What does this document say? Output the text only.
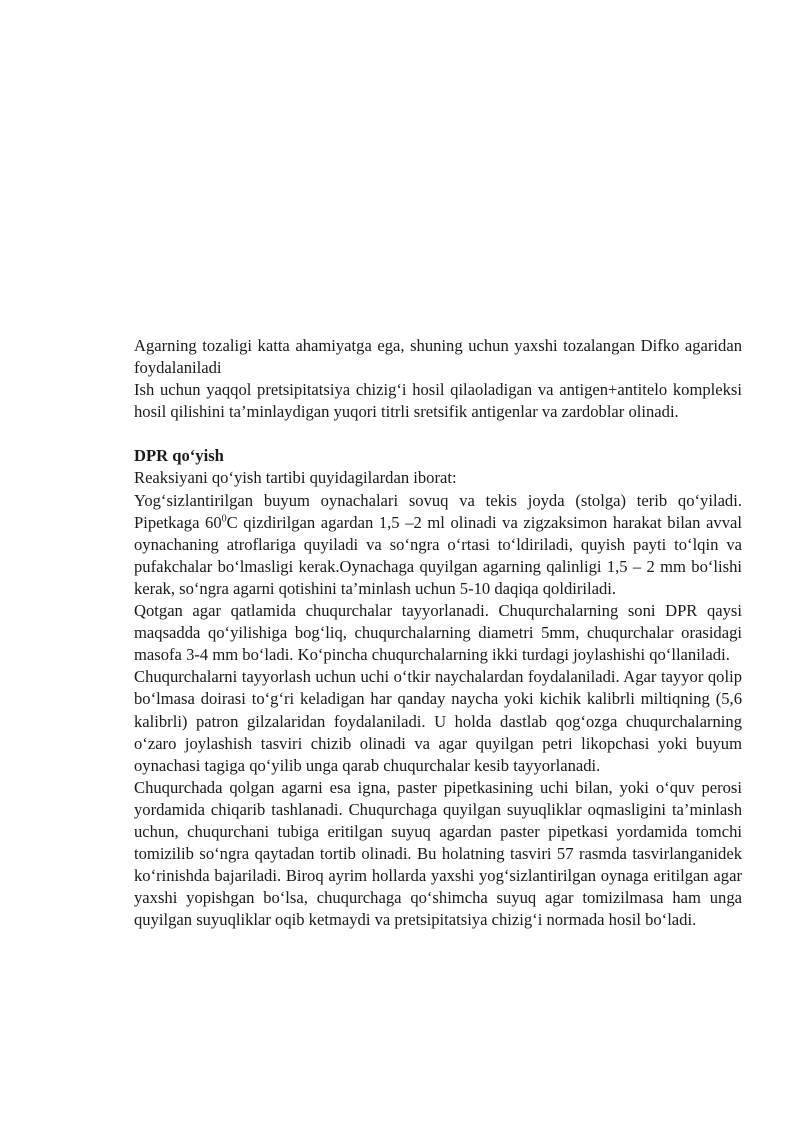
Agarning tozaligi katta ahamiyatga ega, shuning uchun yaxshi tozalangan Difko agaridan foydalaniladi

Ish uchun yaqqol pretsipitatsiya chizig‘i hosil qilaoladigan va antigen+antitelo kompleksi hosil qilishini ta’minlaydigan yuqori titrli sretsifik antigenlar va zardoblar olinadi.

DPR qo‘yish

Reaksiyani qo‘yish tartibi quyidagilardan iborat:

Yog‘sizlantirilgan buyum oynachalari sovuq va tekis joyda (stolga) terib qo‘yiladi. Pipetkaga $60^0C$ qizdirilgan agardan 1,5 –2 ml olinadi va zigzaksimon harakat bilan avval oynachaning atroflariga quyiladi va so‘ngra o‘rtasi to‘ldiriladi, quyish payti to‘lqin va pufakchalar bo‘lmasligi kerak.Oynachaga quyilgan agarning qalinligi 1,5 – 2 mm bo‘lishi kerak, so‘ngra agarni qotishini ta’minlash uchun 5-10 daqiqa qoldiriladi.

Qotgan agar qatlamida chuqurchalar tayyorlanadi. Chuqurchalarning soni DPR qaysi maqsadda qo‘yilishiga bog‘liq, chuqurchalarning diametri 5mm, chuqurchalar orasidagi masofa 3-4 mm bo‘ladi. Ko‘pincha chuqurchalarning ikki turdagi joylashishi qo‘llaniladi.

Chuqurchalarni tayyorlash uchun uchi o‘tkir naychalardan foydalaniladi. Agar tayyor qolip bo‘lmasa doirasi to‘g‘ri keladigan har qanday naycha yoki kichik kalibrli miltiqning (5,6 kalibrli) patron gilzalaridan foydalaniladi. U holda dastlab qog‘ozga chuqurchalarning o‘zaro joylashish tasviri chizib olinadi va agar quyilgan petri likopchasi yoki buyum oynachasi tagiga qo‘yilib unga qarab chuqurchalar kesib tayyorlanadi.

Chuqurchada qolgan agarni esa igna, paster pipetkasining uchi bilan, yoki o‘quv perosi yordamida chiqarib tashlanadi. Chuqurchaga quyilgan suyuqliklar oqmasligini ta’minlash uchun, chuqurchani tubiga eritilgan suyuq agardan paster pipetkasi yordamida tomchi tomizilib so‘ngra qaytadan tortib olinadi. Bu holatning tasviri 57 rasmda tasvirlanganidek ko‘rinishda bajariladi. Biroq ayrim hollarda yaxshi yog‘sizlantirilgan oynaga eritilgan agar yaxshi yopishgan bo‘lsa, chuqurchaga qo‘shimcha suyuq agar tomizilmasa ham unga quyilgan suyuqliklar oqib ketmaydi va pretsipitatsiya chizig‘i normada hosil bo‘ladi.
